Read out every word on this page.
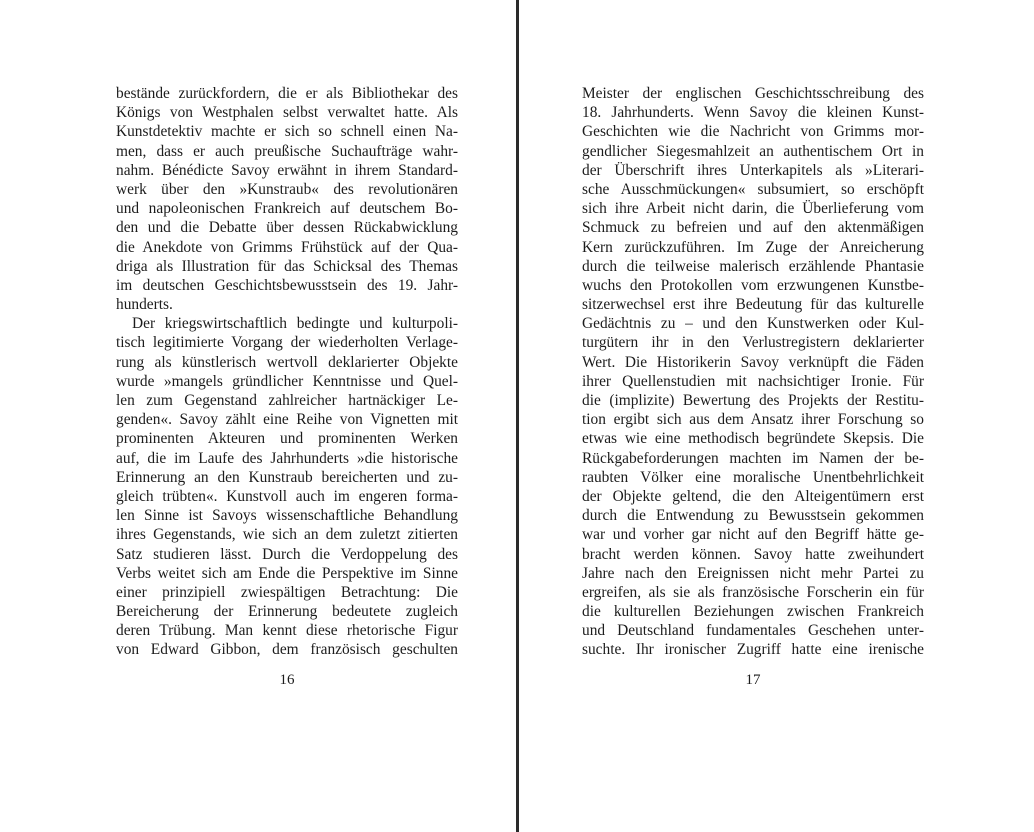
bestände zurückfordern, die er als Bibliothekar des
Königs von Westphalen selbst verwaltet hatte. Als
Kunstdetektiv machte er sich so schnell einen Na-
men, dass er auch preußische Suchaufträge wahr-
nahm. Bénédicte Savoy erwähnt in ihrem Standard-
werk über den »Kunstraub« des revolutionären
und napoleonischen Frankreich auf deutschem Bo-
den und die Debatte über dessen Rückabwicklung
die Anekdote von Grimms Frühstück auf der Qua-
driga als Illustration für das Schicksal des Themas
im deutschen Geschichtsbewusstsein des 19. Jahr-
hunderts.
Der kriegswirtschaftlich bedingte und kulturpoli-
tisch legitimierte Vorgang der wiederholten Verlage-
rung als künstlerisch wertvoll deklarierter Objekte
wurde »mangels gründlicher Kenntnisse und Quel-
len zum Gegenstand zahlreicher hartnäckiger Le-
genden«. Savoy zählt eine Reihe von Vignetten mit
prominenten Akteuren und prominenten Werken
auf, die im Laufe des Jahrhunderts »die historische
Erinnerung an den Kunstraub bereicherten und zu-
gleich trübten«. Kunstvoll auch im engeren forma-
len Sinne ist Savoys wissenschaftliche Behandlung
ihres Gegenstands, wie sich an dem zuletzt zitierten
Satz studieren lässt. Durch die Verdoppelung des
Verbs weitet sich am Ende die Perspektive im Sinne
einer prinzipiell zwiespältigen Betrachtung: Die
Bereicherung der Erinnerung bedeutete zugleich
deren Trübung. Man kennt diese rhetorische Figur
von Edward Gibbon, dem französisch geschulten
16
Meister der englischen Geschichtsschreibung des
18. Jahrhunderts. Wenn Savoy die kleinen Kunst-
Geschichten wie die Nachricht von Grimms mor-
gendlicher Siegesmahlzeit an authentischem Ort in
der Überschrift ihres Unterkapitels als »Literari-
sche Ausschmückungen« subsumiert, so erschöpft
sich ihre Arbeit nicht darin, die Überlieferung vom
Schmuck zu befreien und auf den aktenmäßigen
Kern zurückzuführen. Im Zuge der Anreicherung
durch die teilweise malerisch erzählende Phantasie
wuchs den Protokollen vom erzwungenen Kunstbe-
sitzerwechsel erst ihre Bedeutung für das kulturelle
Gedächtnis zu – und den Kunstwerken oder Kul-
turgütern ihr in den Verlustregistern deklarierter
Wert. Die Historikerin Savoy verknüpft die Fäden
ihrer Quellenstudien mit nachsichtiger Ironie. Für
die (implizite) Bewertung des Projekts der Restitu-
tion ergibt sich aus dem Ansatz ihrer Forschung so
etwas wie eine methodisch begründete Skepsis. Die
Rückgabeforderungen machten im Namen der be-
raubten Völker eine moralische Unentbehrlichkeit
der Objekte geltend, die den Alteigentümern erst
durch die Entwendung zu Bewusstsein gekommen
war und vorher gar nicht auf den Begriff hätte ge-
bracht werden können. Savoy hatte zweihundert
Jahre nach den Ereignissen nicht mehr Partei zu
ergreifen, als sie als französische Forscherin ein für
die kulturellen Beziehungen zwischen Frankreich
und Deutschland fundamentales Geschehen unter-
suchte. Ihr ironischer Zugriff hatte eine irenische
17
